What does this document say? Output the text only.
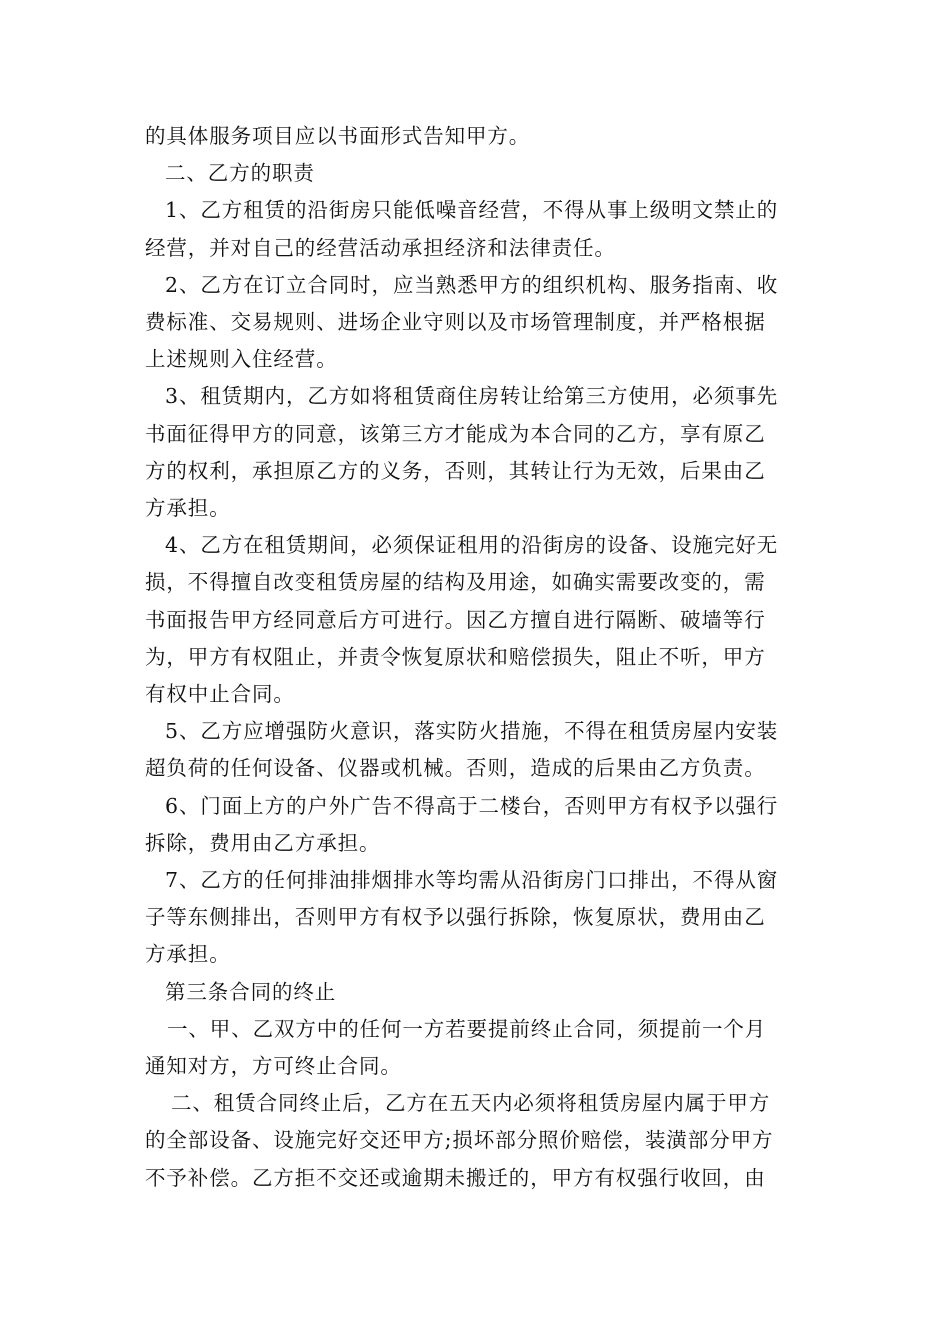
的具体服务项目应以书面形式告知甲方。
二、乙方的职责
1、乙方租赁的沿街房只能低噪音经营，不得从事上级明文禁止的
经营，并对自己的经营活动承担经济和法律责任。
2、乙方在订立合同时，应当熟悉甲方的组织机构、服务指南、收
费标准、交易规则、进场企业守则以及市场管理制度，并严格根据
上述规则入住经营。
3、租赁期内，乙方如将租赁商住房转让给第三方使用，必须事先
书面征得甲方的同意，该第三方才能成为本合同的乙方，享有原乙
方的权利，承担原乙方的义务，否则，其转让行为无效，后果由乙
方承担。
4、乙方在租赁期间，必须保证租用的沿街房的设备、设施完好无
损，不得擅自改变租赁房屋的结构及用途，如确实需要改变的，需
书面报告甲方经同意后方可进行。因乙方擅自进行隔断、破墙等行
为，甲方有权阻止，并责令恢复原状和赔偿损失，阻止不听，甲方
有权中止合同。
5、乙方应增强防火意识，落实防火措施，不得在租赁房屋内安装
超负荷的任何设备、仪器或机械。否则，造成的后果由乙方负责。
6、门面上方的户外广告不得高于二楼台，否则甲方有权予以强行
拆除，费用由乙方承担。
7、乙方的任何排油排烟排水等均需从沿街房门口排出，不得从窗
子等东侧排出，否则甲方有权予以强行拆除，恢复原状，费用由乙
方承担。
第三条合同的终止
一、甲、乙双方中的任何一方若要提前终止合同，须提前一个月
通知对方，方可终止合同。
二、租赁合同终止后，乙方在五天内必须将租赁房屋内属于甲方
的全部设备、设施完好交还甲方;损坏部分照价赔偿，装潢部分甲方
不予补偿。乙方拒不交还或逾期未搬迁的，甲方有权强行收回，由
